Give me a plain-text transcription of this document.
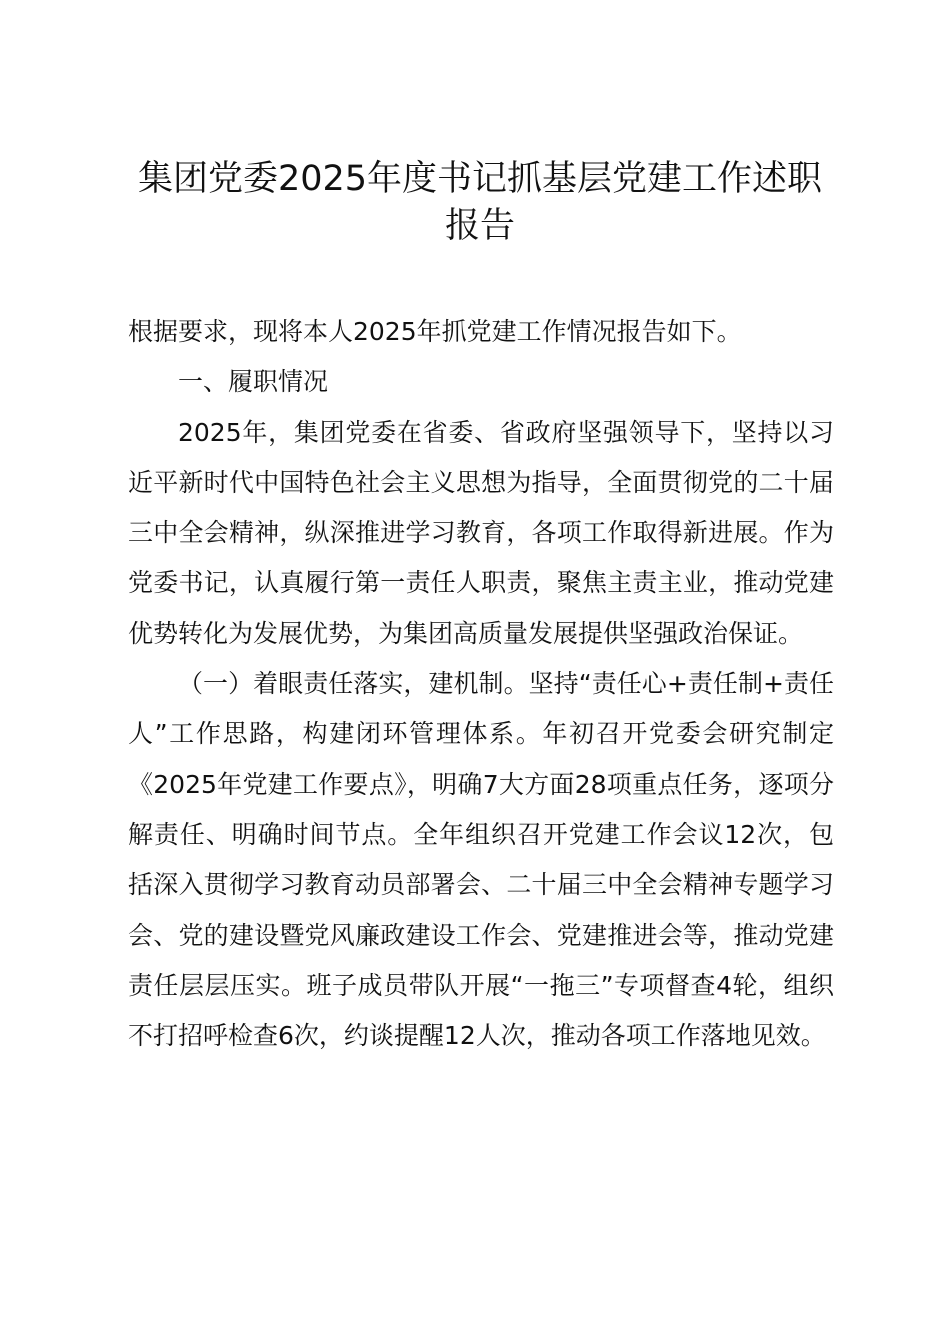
集团党委2025年度书记抓基层党建工作述职
报告

根据要求，现将本人2025年抓党建工作情况报告如下。

一、履职情况

2025年，集团党委在省委、省政府坚强领导下，坚持以习近平新时代中国特色社会主义思想为指导，全面贯彻党的二十届三中全会精神，纵深推进学习教育，各项工作取得新进展。作为党委书记，认真履行第一责任人职责，聚焦主责主业，推动党建优势转化为发展优势，为集团高质量发展提供坚强政治保证。

（一）着眼责任落实，建机制。坚持“责任心+责任制+责任人”工作思路，构建闭环管理体系。年初召开党委会研究制定《2025年党建工作要点》，明确7大方面28项重点任务，逐项分解责任、明确时间节点。全年组织召开党建工作会议12次，包括深入贯彻学习教育动员部署会、二十届三中全会精神专题学习会、党的建设暨党风廉政建设工作会、党建推进会等，推动党建责任层层压实。班子成员带队开展“一拖三”专项督查4轮，组织不打招呼检查6次，约谈提醒12人次，推动各项工作落地见效。
